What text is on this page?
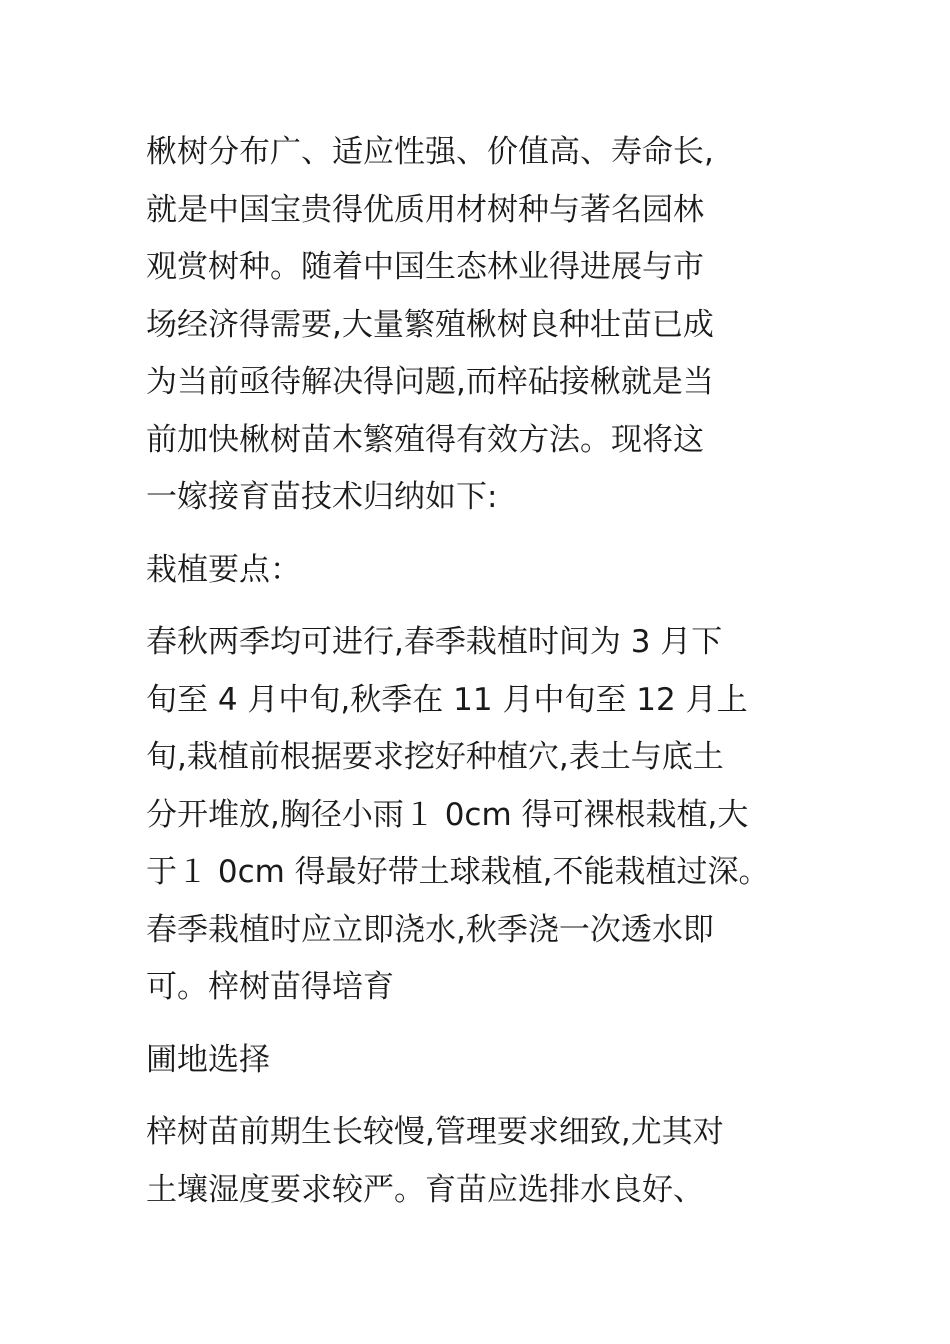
楸树分布广、适应性强、价值高、寿命长,
就是中国宝贵得优质用材树种与著名园林
观赏树种。随着中国生态林业得进展与市
场经济得需要,大量繁殖楸树良种壮苗已成
为当前亟待解决得问题,而梓砧接楸就是当
前加快楸树苗木繁殖得有效方法。现将这
一嫁接育苗技术归纳如下:

栽植要点：

春秋两季均可进行,春季栽植时间为 3 月下
旬至 4 月中旬,秋季在 11 月中旬至 12 月上
旬,栽植前根据要求挖好种植穴,表土与底土
分开堆放,胸径小雨１ 0cm 得可裸根栽植,大
于１ 0cm 得最好带土球栽植,不能栽植过深。
春季栽植时应立即浇水,秋季浇一次透水即
可。梓树苗得培育

圃地选择

梓树苗前期生长较慢,管理要求细致,尤其对
土壤湿度要求较严。育苗应选排水良好、
